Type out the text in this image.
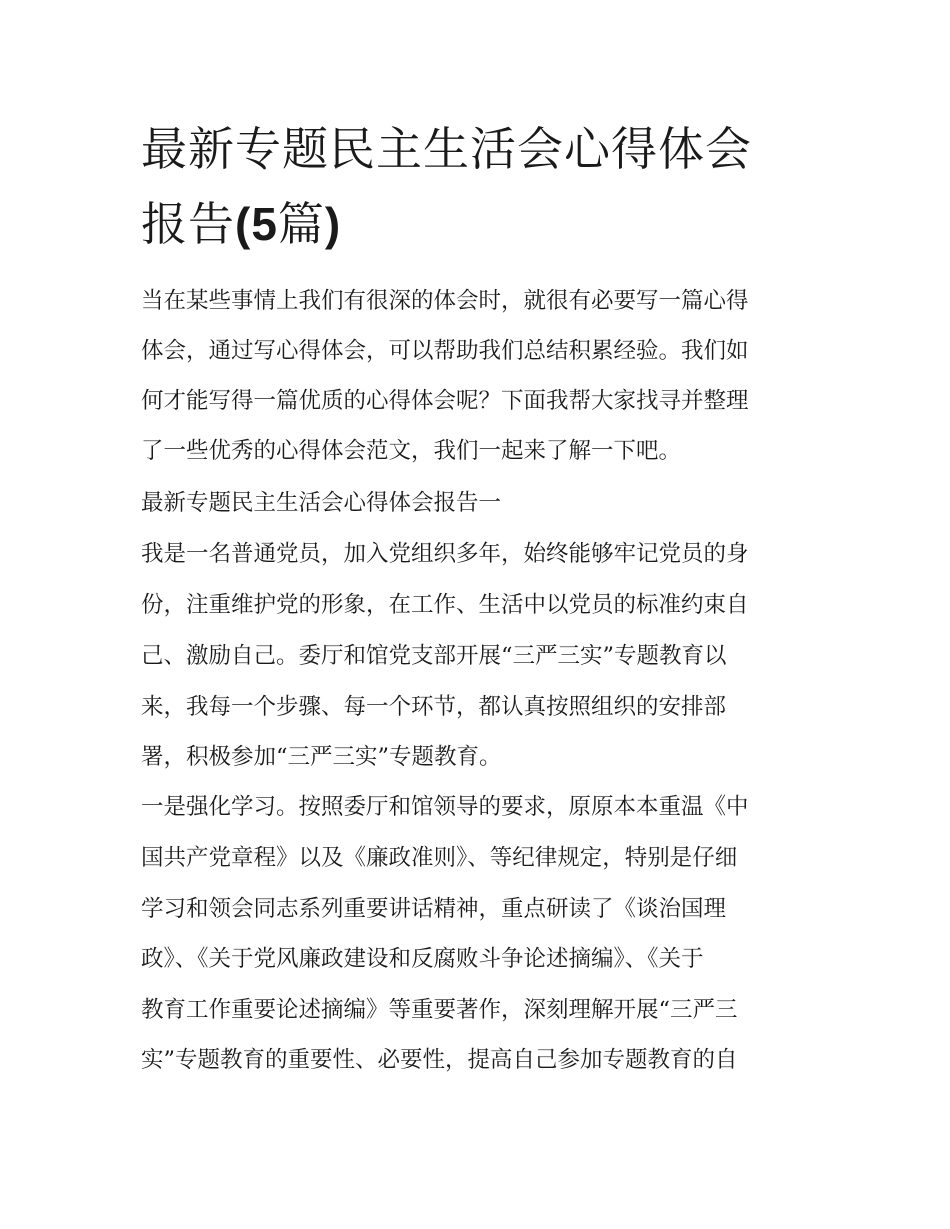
最新专题民主生活会心得体会
报告(5篇)

当在某些事情上我们有很深的体会时，就很有必要写一篇心得

体会，通过写心得体会，可以帮助我们总结积累经验。我们如

何才能写得一篇优质的心得体会呢？下面我帮大家找寻并整理

了一些优秀的心得体会范文，我们一起来了解一下吧。

最新专题民主生活会心得体会报告一

我是一名普通党员，加入党组织多年，始终能够牢记党员的身

份，注重维护党的形象，在工作、生活中以党员的标准约束自

己、激励自己。委厅和馆党支部开展“三严三实”专题教育以

来，我每一个步骤、每一个环节，都认真按照组织的安排部

署，积极参加“三严三实”专题教育。

一是强化学习。按照委厅和馆领导的要求，原原本本重温《中

国共产党章程》以及《廉政准则》、等纪律规定，特别是仔细

学习和领会同志系列重要讲话精神，重点研读了《谈治国理

政》、《关于党风廉政建设和反腐败斗争论述摘编》、《关于

教育工作重要论述摘编》等重要著作，深刻理解开展“三严三

实”专题教育的重要性、必要性，提高自己参加专题教育的自
